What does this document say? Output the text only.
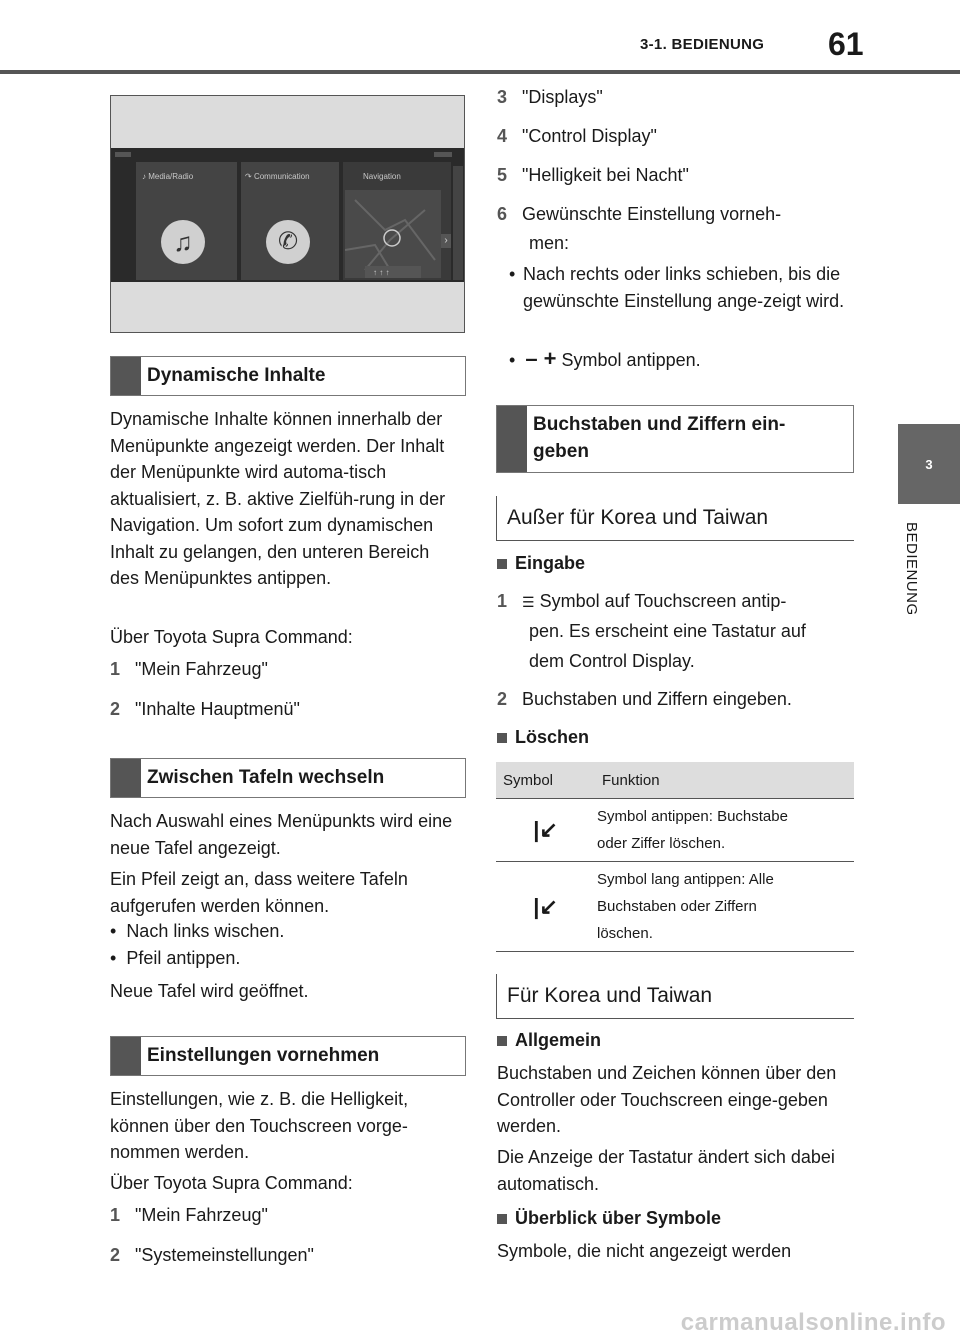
3-1. BEDIENUNG 61
3
BEDIENUNG
♪ Media/Radio
♫
↷ Communication
✆
Navigation
↑ ↑ ↑
›
Dynamische Inhalte
Dynamische Inhalte können innerhalb der Menüpunkte angezeigt werden. Der Inhalt der Menüpunkte wird automa-tisch aktualisiert, z. B. aktive Zielfüh-rung in der Navigation. Um sofort zum dynamischen Inhalt zu gelangen, den unteren Bereich des Menüpunktes antippen.
Über Toyota Supra Command:
1 "Mein Fahrzeug"
2 "Inhalte Hauptmenü"
Zwischen Tafeln wechseln
Nach Auswahl eines Menüpunkts wird eine neue Tafel angezeigt.
Ein Pfeil zeigt an, dass weitere Tafeln aufgerufen werden können.
•  Nach links wischen.
•  Pfeil antippen.
Neue Tafel wird geöffnet.
Einstellungen vornehmen
Einstellungen, wie z. B. die Helligkeit, können über den Touchscreen vorge-nommen werden.
Über Toyota Supra Command:
1 "Mein Fahrzeug"
2 "Systemeinstellungen"
3 "Displays"
4 "Control Display"
5 "Helligkeit bei Nacht"
6 Gewünschte Einstellung vorneh-
men:
• Nach rechts oder links schieben, bis die gewünschte Einstellung ange-zeigt wird.
•  – + Symbol antippen.
Buchstaben und Ziffern ein-
geben
Außer für Korea und Taiwan
Eingabe
1 ☰ Symbol auf Touchscreen antip-
pen. Es erscheint eine Tastatur auf
dem Control Display.
2 Buchstaben und Ziffern eingeben.
Löschen
Symbol	Funktion
|↙	Symbol antippen: Buchstabe
oder Ziffer löschen.

|↙	Symbol lang antippen: Alle
Buchstaben oder Ziffern
löschen.
Für Korea und Taiwan
Allgemein
Buchstaben und Zeichen können über den Controller oder Touchscreen einge-geben werden.
Die Anzeige der Tastatur ändert sich dabei automatisch.
Überblick über Symbole
Symbole, die nicht angezeigt werden
carmanualsonline.info
